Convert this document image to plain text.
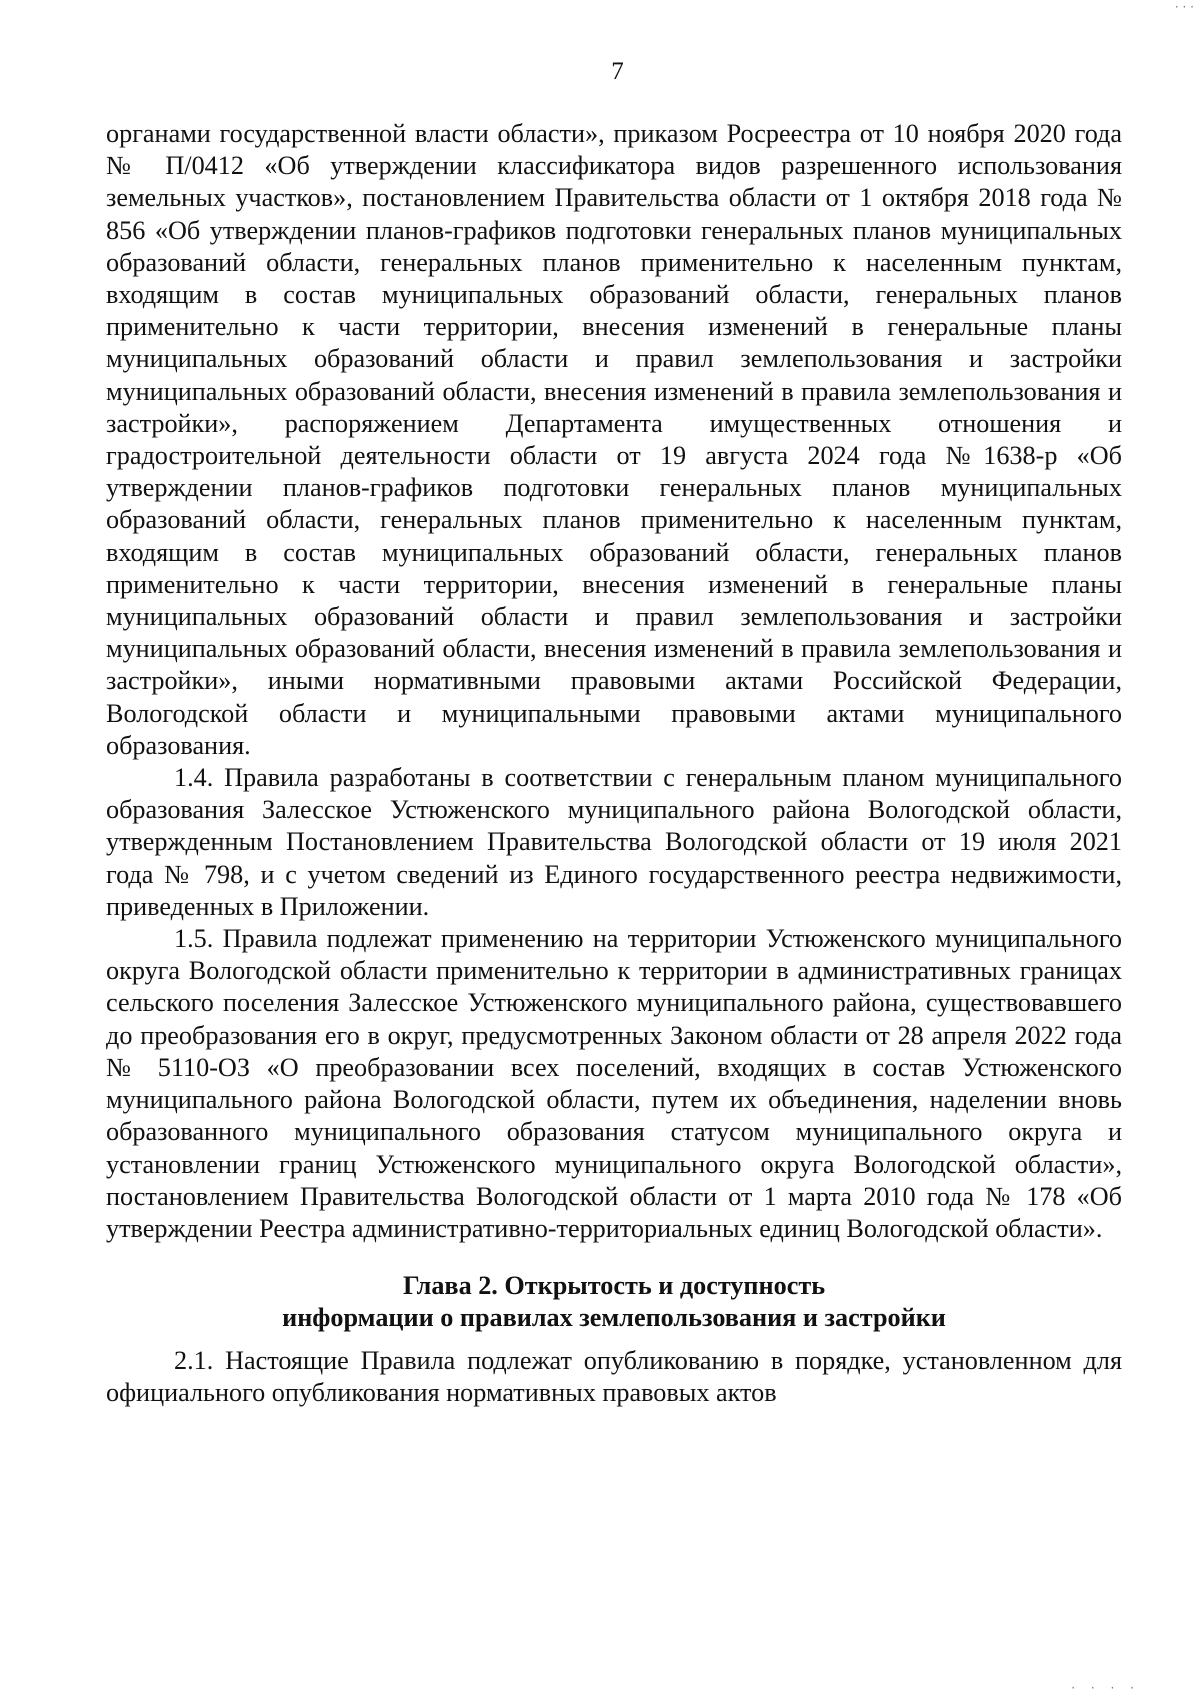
· · ·
7

органами государственной власти области», приказом Росреестра от 10 ноября 2020 года № П/0412 «Об утверждении классификатора видов разрешенного использования земельных участков», постановлением Правительства области от 1 октября 2018 года № 856 «Об утверждении планов-графиков подготовки генеральных планов муниципальных образований области, генеральных планов применительно к населенным пунктам, входящим в состав муниципальных образований области, генеральных планов применительно к части территории, внесения изменений в генеральные планы муниципальных образований области и правил землепользования и застройки муниципальных образований области, внесения изменений в правила землепользования и застройки», распоряжением Департамента имущественных отношения и градостроительной деятельности области от 19 августа 2024 года №1638-р «Об утверждении планов-графиков подготовки генеральных планов муниципальных образований области, генеральных планов применительно к населенным пунктам, входящим в состав муниципальных образований области, генеральных планов применительно к части территории, внесения изменений в генеральные планы муниципальных образований области и правил землепользования и застройки муниципальных образований области, внесения изменений в правила землепользования и застройки», иными нормативными правовыми актами Российской Федерации, Вологодской области и муниципальными правовыми актами муниципального образования.

1.4. Правила разработаны в соответствии с генеральным планом муниципального образования Залесское Устюженского муниципального района Вологодской области, утвержденным Постановлением Правительства Вологодской области от 19 июля 2021 года № 798, и с учетом сведений из Единого государственного реестра недвижимости, приведенных в Приложении.

1.5. Правила подлежат применению на территории Устюженского муниципального округа Вологодской области применительно к территории в административных границах сельского поселения Залесское Устюженского муниципального района, существовавшего до преобразования его в округ, предусмотренных Законом области от 28 апреля 2022 года № 5110-ОЗ «О преобразовании всех поселений, входящих в состав Устюженского муниципального района Вологодской области, путем их объединения, наделении вновь образованного муниципального образования статусом муниципального округа и установлении границ Устюженского муниципального округа Вологодской области», постановлением Правительства Вологодской области от 1 марта 2010 года № 178 «Об утверждении Реестра административно-территориальных единиц Вологодской области».

Глава 2. Открытость и доступность
информации о правилах землепользования и застройки

2.1. Настоящие Правила подлежат опубликованию в порядке, установленном для официального опубликования нормативных правовых актов

· · · ·
